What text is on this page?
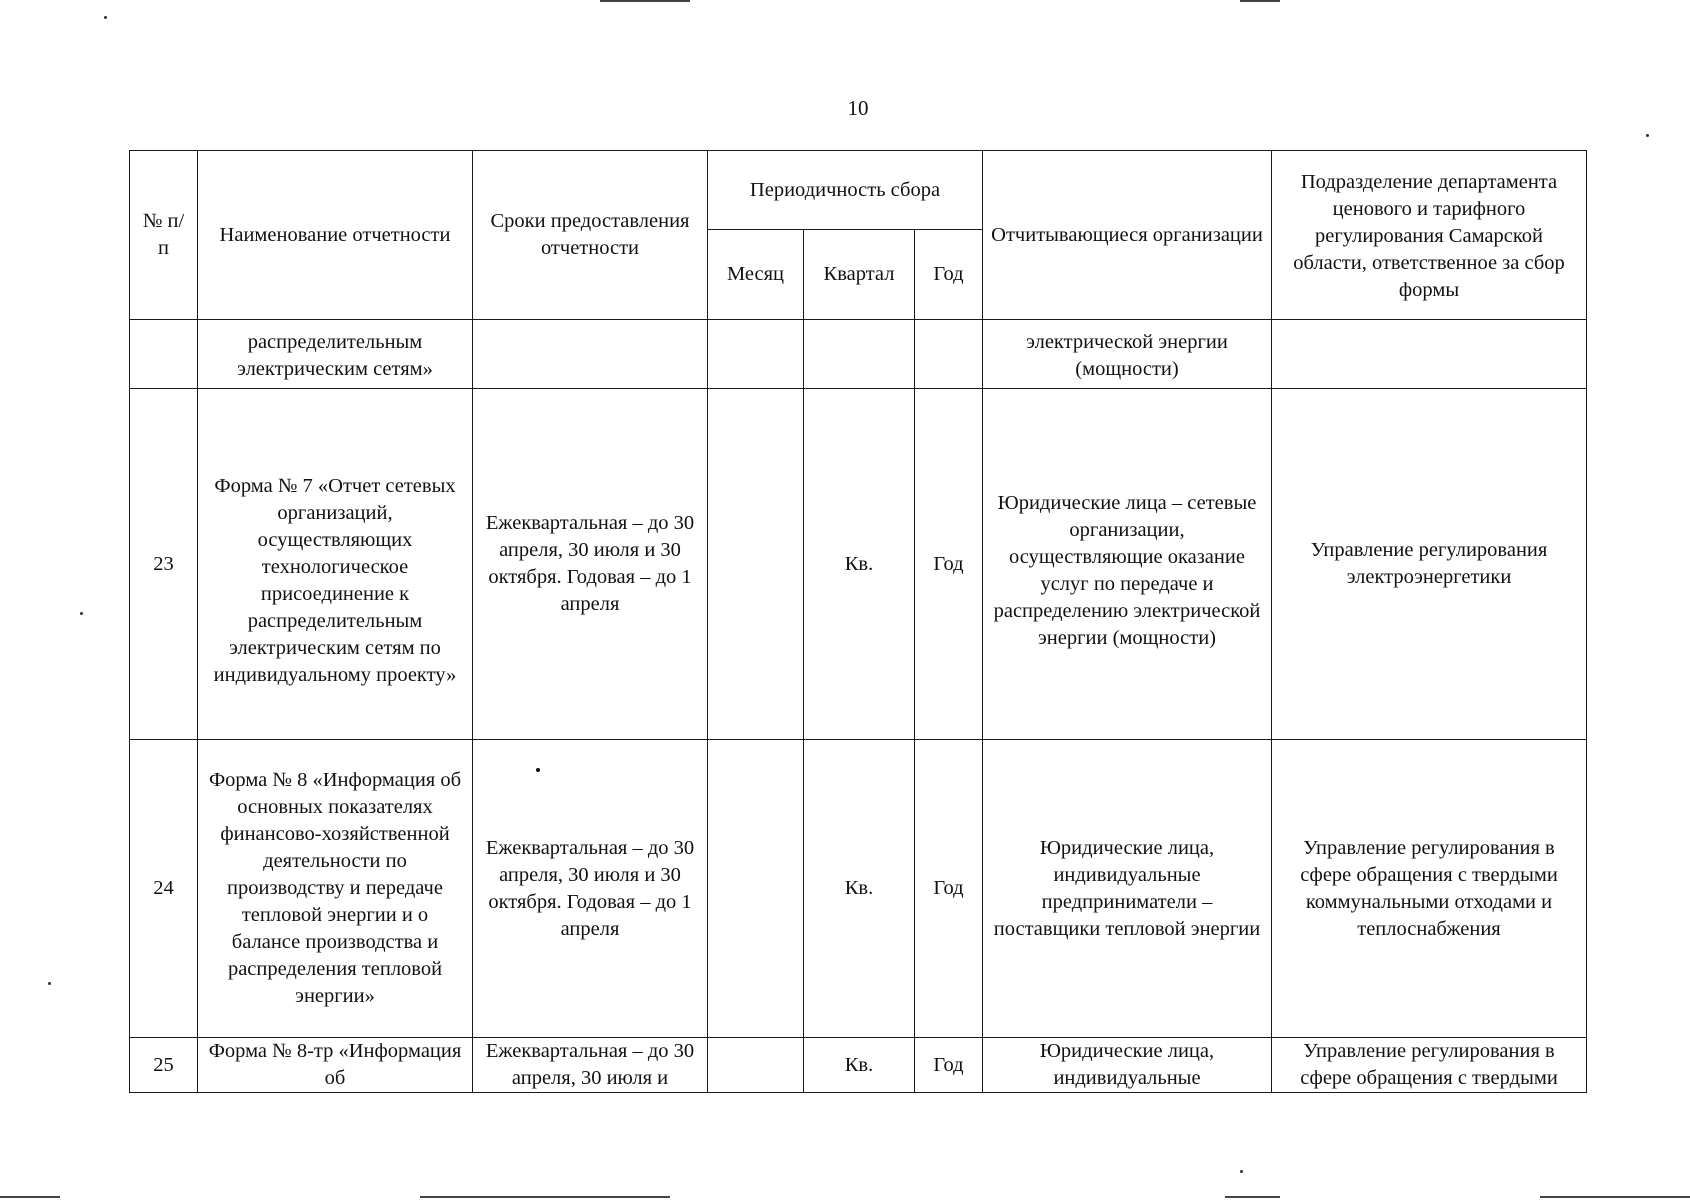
10
№ п/п	Наименование отчетности	Сроки предоставления отчетности	Периодичность сбора			Отчитывающиеся организации	Подразделение департамента ценового и тарифного регулирования Самарской области, ответственное за сбор формы
			Месяц	Квартал	Год		
	распределительным электрическим сетям»					электрической энергии (мощности)	
23	Форма № 7 «Отчет сетевых организаций, осуществляющих технологическое присоединение к распределительным электрическим сетям по индивидуальному проекту»	Ежеквартальная – до 30 апреля, 30 июля и 30 октября. Годовая – до 1 апреля		Кв.	Год	Юридические лица – сетевые организации, осуществляющие оказание услуг по передаче и распределению электрической энергии (мощности)	Управление регулирования электроэнергетики
24	Форма № 8 «Информация об основных показателях финансово-хозяйственной деятельности по производству и передаче тепловой энергии и о балансе производства и распределения тепловой энергии»	Ежеквартальная – до 30 апреля, 30 июля и 30 октября. Годовая – до 1 апреля		Кв.	Год	Юридические лица, индивидуальные предприниматели – поставщики тепловой энергии	Управление регулирования в сфере обращения с твердыми коммунальными отходами и теплоснабжения
25	Форма № 8-тр «Информация об	Ежеквартальная – до 30 апреля, 30 июля и		Кв.	Год	Юридические лица, индивидуальные	Управление регулирования в сфере обращения с твердыми
